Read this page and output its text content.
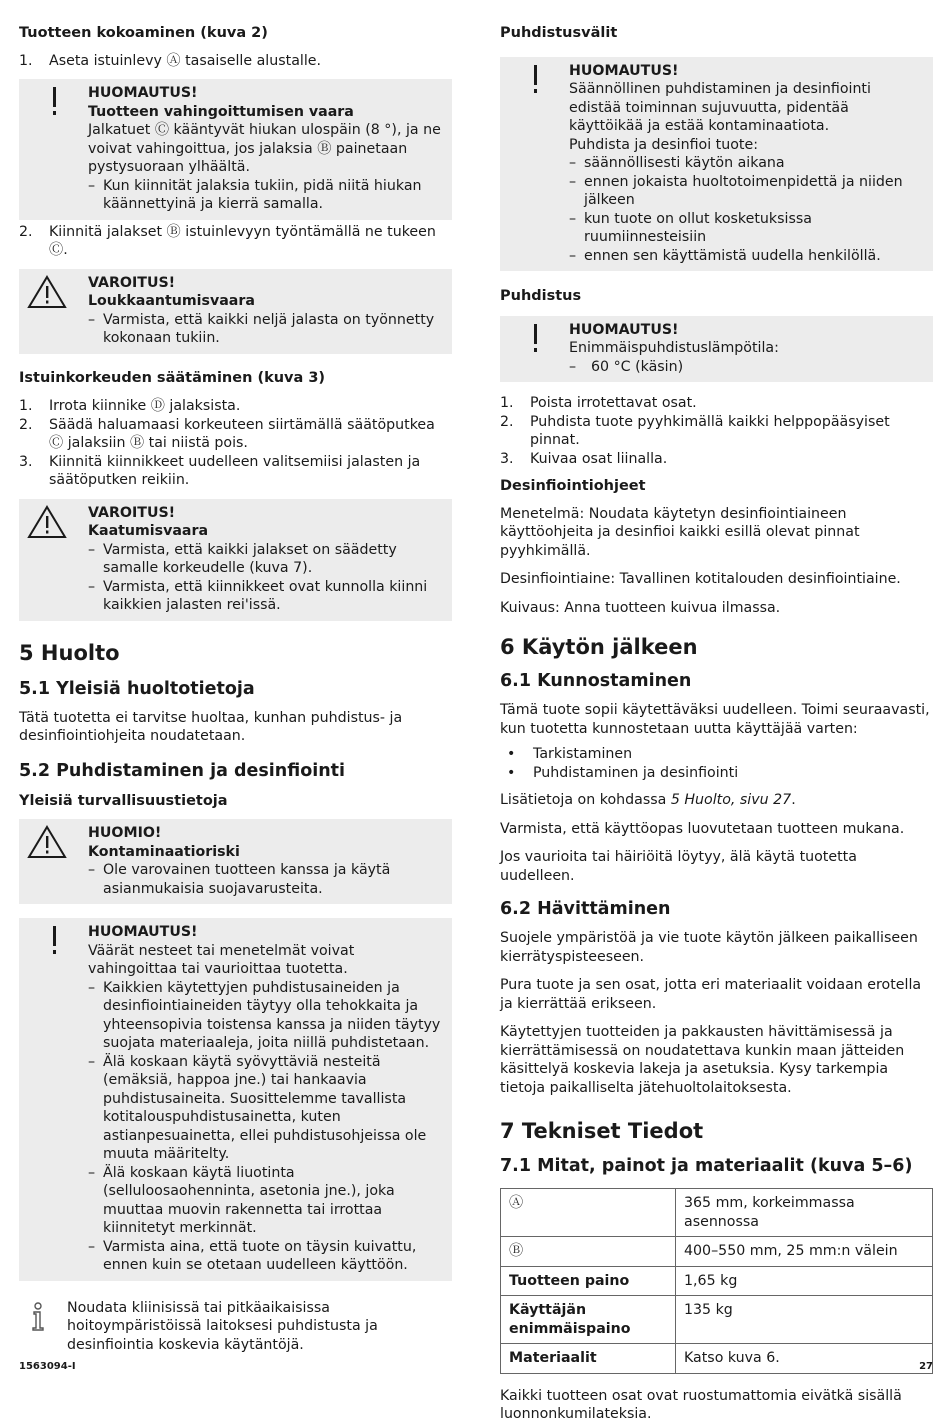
Tuotteen kokoaminen (kuva 2)
1. Aseta istuinlevy Ⓐ tasaiselle alustalle.
HUOMAUTUS!
Tuotteen vahingoittumisen vaara

Jalkatuet Ⓒ kääntyvät hiukan ulospäin (8 °), ja ne voivat vahingoittua, jos jalaksia Ⓑ painetaan pystysuoraan ylhäältä.

– Kun kiinnität jalaksia tukiin, pidä niitä hiukan käännettyinä ja kierrä samalla.
2. Kiinnitä jalakset Ⓑ istuinlevyyn työntämällä ne tukeen Ⓒ.
VAROITUS!
Loukkaantumisvaara
– Varmista, että kaikki neljä jalasta on työnnetty kokonaan tukiin.
Istuinkorkeuden säätäminen (kuva 3)
1. Irrota kiinnike Ⓓ jalaksista.
2. Säädä haluamaasi korkeuteen siirtämällä säätöputkea Ⓒ jalaksiin Ⓑ tai niistä pois.
3. Kiinnitä kiinnikkeet uudelleen valitsemiisi jalasten ja säätöputken reikiin.
VAROITUS!
Kaatumisvaara
– Varmista, että kaikki jalakset on säädetty samalle korkeudelle (kuva 7).
– Varmista, että kiinnikkeet ovat kunnolla kiinni kaikkien jalasten rei'issä.
5 Huolto
5.1 Yleisiä huoltotietoja

Tätä tuotetta ei tarvitse huoltaa, kunhan puhdistus- ja desinfiointiohjeita noudatetaan.

5.2 Puhdistaminen ja desinfiointi
Yleisiä turvallisuustietoja
HUOMIO!
Kontaminaatioriski
– Ole varovainen tuotteen kanssa ja käytä asianmukaisia suojavarusteita.
HUOMAUTUS!

Väärät nesteet tai menetelmät voivat vahingoittaa tai vaurioittaa tuotetta.

– Kaikkien käytettyjen puhdistusaineiden ja desinfiointiaineiden täytyy olla tehokkaita ja yhteensopivia toistensa kanssa ja niiden täytyy suojata materiaaleja, joita niillä puhdistetaan.
– Älä koskaan käytä syövyttäviä nesteitä (emäksiä, happoa jne.) tai hankaavia puhdistusaineita. Suosittelemme tavallista kotitalouspuhdistusainetta, kuten astianpesuainetta, ellei puhdistusohjeissa ole muuta määritelty.
– Älä koskaan käytä liuotinta (selluloosaohenninta, asetonia jne.), joka muuttaa muovin rakennetta tai irrottaa kiinnitetyt merkinnät.
– Varmista aina, että tuote on täysin kuivattu, ennen kuin se otetaan uudelleen käyttöön.

Noudata kliinisissä tai pitkäaikaisissa hoitoympäristöissä laitoksesi puhdistusta ja desinfiointia koskevia käytäntöjä.

Puhdistusvälit
HUOMAUTUS!

Säännöllinen puhdistaminen ja desinfiointi edistää toiminnan sujuvuutta, pidentää käyttöikää ja estää kontaminaatiota.

Puhdista ja desinfioi tuote:

– säännöllisesti käytön aikana
– ennen jokaista huoltotoimenpidettä ja niiden jälkeen
– kun tuote on ollut kosketuksissa ruumiinnesteisiin
– ennen sen käyttämistä uudella henkilöllä.
Puhdistus
HUOMAUTUS!

Enimmäispuhdistuslämpötila:

– 60 °C (käsin)
1. Poista irrotettavat osat.
2. Puhdista tuote pyyhkimällä kaikki helppopääsyiset pinnat.
3. Kuivaa osat liinalla.
Desinfiointiohjeet

Menetelmä: Noudata käytetyn desinfiointiaineen käyttöohjeita ja desinfioi kaikki esillä olevat pinnat pyyhkimällä.

Desinfiointiaine: Tavallinen kotitalouden desinfiointiaine.

Kuivaus: Anna tuotteen kuivua ilmassa.

6 Käytön jälkeen
6.1 Kunnostaminen

Tämä tuote sopii käytettäväksi uudelleen. Toimi seuraavasti, kun tuotetta kunnostetaan uutta käyttäjää varten:

• Tarkistaminen
• Puhdistaminen ja desinfiointi

Lisätietoja on kohdassa 5 Huolto, sivu 27.

Varmista, että käyttöopas luovutetaan tuotteen mukana.

Jos vaurioita tai häiriöitä löytyy, älä käytä tuotetta uudelleen.

6.2 Hävittäminen

Suojele ympäristöä ja vie tuote käytön jälkeen paikalliseen kierrätyspisteeseen.

Pura tuote ja sen osat, jotta eri materiaalit voidaan erotella ja kierrättää erikseen.

Käytettyjen tuotteiden ja pakkausten hävittämisessä ja kierrättämisessä on noudatettava kunkin maan jätteiden käsittelyä koskevia lakeja ja asetuksia. Kysy tarkempia tietoja paikalliselta jätehuoltolaitoksesta.

7 Tekniset Tiedot
7.1 Mitat, painot ja materiaalit (kuva 5–6)
Ⓐ	365 mm, korkeimmassa asennossa
Ⓑ	400–550 mm, 25 mm:n välein
Tuotteen paino	1,65 kg
Käyttäjän enimmäispaino	135 kg
Materiaalit	Katso kuva 6.

Kaikki tuotteen osat ovat ruostumattomia eivätkä sisällä luonnonkumilateksia.

1563094-I	27
